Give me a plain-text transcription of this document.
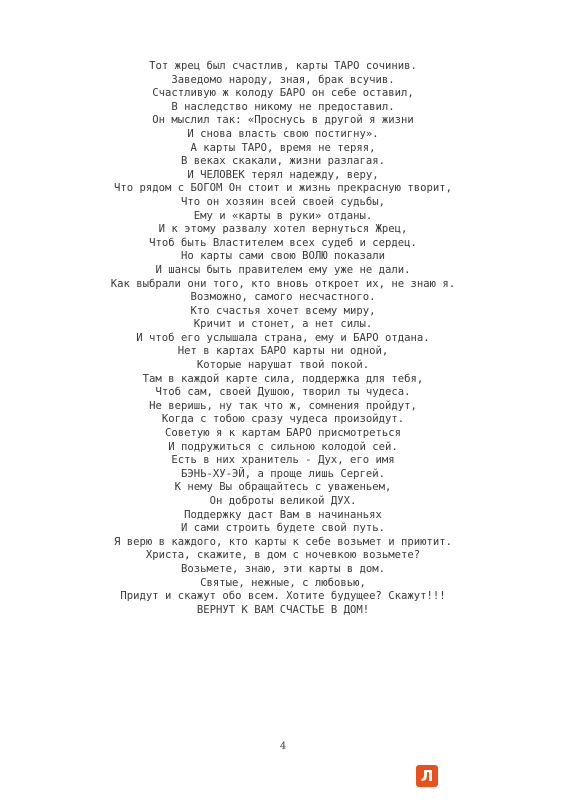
Тот жрец был счастлив, карты ТАРО сочинив.
Заведомо народу, зная, брак всучив.
Счастливую ж колоду БАРО он себе оставил,
В наследство никому не предоставил.
Он мыслил так: «Проснусь в другой я жизни
И снова власть свою постигну».
А карты ТАРО, время не теряя,
В веках скакали, жизни разлагая.
И ЧЕЛОВЕК терял надежду, веру,
Что рядом с БОГОМ Он стоит и жизнь прекрасную творит,
Что он хозяин всей своей судьбы,
Ему и «карты в руки» отданы.
И к этому развалу хотел вернуться Жрец,
Чтоб быть Властителем всех судеб и сердец.
Но карты сами свою ВОЛЮ показали
И шансы быть правителем ему уже не дали.
Как выбрали они того, кто вновь откроет их, не знаю я.
Возможно, самого несчастного.
Кто счастья хочет всему миру,
Кричит и стонет, а нет силы.
И чтоб его услышала страна, ему и БАРО отдана.
Нет в картах БАРО карты ни одной,
Которые нарушат твой покой.
Там в каждой карте сила, поддержка для тебя,
Чтоб сам, своей Душою, творил ты чудеса.
Не веришь, ну так что ж, сомнения пройдут,
Когда с тобою сразу чудеса произойдут.
Советую я к картам БАРО присмотреться
И подружиться с сильною колодой сей.
Есть в них хранитель - Дух, его имя
БЭНЬ-ХУ-ЭЙ, а проще лишь Сергей.
К нему Вы обращайтесь с уваженьем,
Он доброты великой ДУХ.
Поддержку даст Вам в начинаньях
И сами строить будете свой путь.
Я верю в каждого, кто карты к себе возьмет и приютит.
Христа, скажите, в дом с ночевкою возьмете?
Возьмете, знаю, эти карты в дом.
Святые, нежные, с любовью,
Придут и скажут обо всем. Хотите будущее? Скажут!!!
ВЕРНУТ К ВАМ СЧАСТЬЕ В ДОМ!
4
Л
